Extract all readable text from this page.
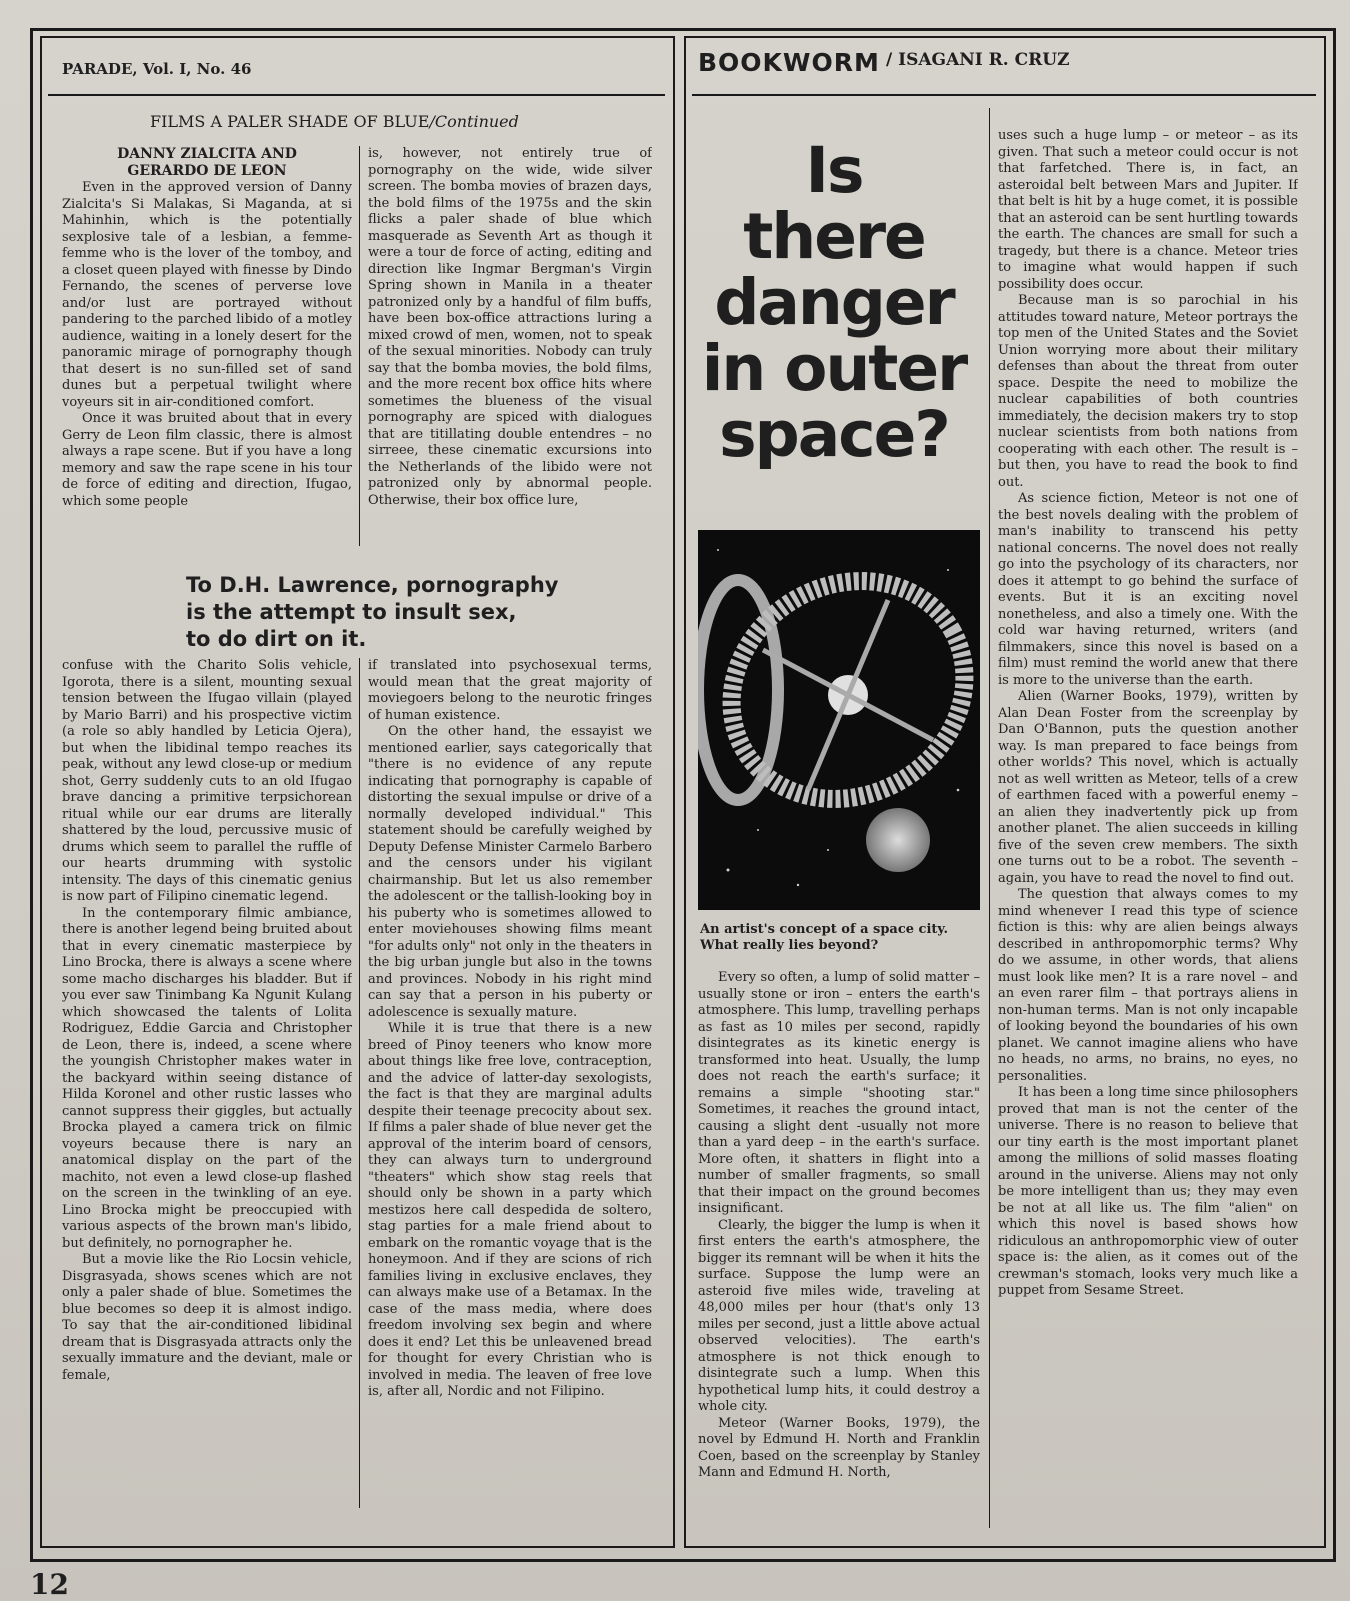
PARADE, Vol. I, No. 46
FILMS A PALER SHADE OF BLUE/Continued

DANNY ZIALCITA AND

GERARDO DE LEON

Even in the approved version of Danny Zialcita's Si Malakas, Si Maganda, at si Mahinhin, which is the potentially sexplosive tale of a lesbian, a femme-femme who is the lover of the tomboy, and a closet queen played with finesse by Dindo Fernando, the scenes of perverse love and/or lust are portrayed without pandering to the parched libido of a motley audience, waiting in a lonely desert for the panoramic mirage of pornography though that desert is no sun-filled set of sand dunes but a perpetual twilight where voyeurs sit in air-conditioned comfort.

Once it was bruited about that in every Gerry de Leon film classic, there is almost always a rape scene. But if you have a long memory and saw the rape scene in his tour de force of editing and direction, Ifugao, which some people

is, however, not entirely true of pornography on the wide, wide silver screen. The bomba movies of brazen days, the bold films of the 1975s and the skin flicks a paler shade of blue which masquerade as Seventh Art as though it were a tour de force of acting, editing and direction like Ingmar Bergman's Virgin Spring shown in Manila in a theater patronized only by a handful of film buffs, have been box-office attractions luring a mixed crowd of men, women, not to speak of the sexual minorities. Nobody can truly say that the bomba movies, the bold films, and the more recent box office hits where sometimes the blueness of the visual pornography are spiced with dialogues that are titillating double entendres – no sirreee, these cinematic excursions into the Netherlands of the libido were not patronized only by abnormal people. Otherwise, their box office lure,

To D.H. Lawrence, pornography
is the attempt to insult sex,
to do dirt on it.

confuse with the Charito Solis vehicle, Igorota, there is a silent, mounting sexual tension between the Ifugao villain (played by Mario Barri) and his prospective victim (a role so ably handled by Leticia Ojera), but when the libidinal tempo reaches its peak, without any lewd close-up or medium shot, Gerry suddenly cuts to an old Ifugao brave dancing a primitive terpsichorean ritual while our ear drums are literally shattered by the loud, percussive music of drums which seem to parallel the ruffle of our hearts drumming with systolic intensity. The days of this cinematic genius is now part of Filipino cinematic legend.

In the contemporary filmic ambiance, there is another legend being bruited about that in every cinematic masterpiece by Lino Brocka, there is always a scene where some macho discharges his bladder. But if you ever saw Tinimbang Ka Ngunit Kulang which showcased the talents of Lolita Rodriguez, Eddie Garcia and Christopher de Leon, there is, indeed, a scene where the youngish Christopher makes water in the backyard within seeing distance of Hilda Koronel and other rustic lasses who cannot suppress their giggles, but actually Brocka played a camera trick on filmic voyeurs because there is nary an anatomical display on the part of the machito, not even a lewd close-up flashed on the screen in the twinkling of an eye. Lino Brocka might be preoccupied with various aspects of the brown man's libido, but definitely, no pornographer he.

But a movie like the Rio Locsin vehicle, Disgrasyada, shows scenes which are not only a paler shade of blue. Sometimes the blue becomes so deep it is almost indigo. To say that the air-conditioned libidinal dream that is Disgrasyada attracts only the sexually immature and the deviant, male or female,

if translated into psychosexual terms, would mean that the great majority of moviegoers belong to the neurotic fringes of human existence.

On the other hand, the essayist we mentioned earlier, says categorically that "there is no evidence of any repute indicating that pornography is capable of distorting the sexual impulse or drive of a normally developed individual." This statement should be carefully weighed by Deputy Defense Minister Carmelo Barbero and the censors under his vigilant chairmanship. But let us also remember the adolescent or the tallish-looking boy in his puberty who is sometimes allowed to enter moviehouses showing films meant "for adults only" not only in the theaters in the big urban jungle but also in the towns and provinces. Nobody in his right mind can say that a person in his puberty or adolescence is sexually mature.

While it is true that there is a new breed of Pinoy teeners who know more about things like free love, contraception, and the advice of latter-day sexologists, the fact is that they are marginal adults despite their teenage precocity about sex. If films a paler shade of blue never get the approval of the interim board of censors, they can always turn to underground "theaters" which show stag reels that should only be shown in a party which mestizos here call despedida de soltero, stag parties for a male friend about to embark on the romantic voyage that is the honeymoon. And if they are scions of rich families living in exclusive enclaves, they can always make use of a Betamax. In the case of the mass media, where does freedom involving sex begin and where does it end? Let this be unleavened bread for thought for every Christian who is involved in media. The leaven of free love is, after all, Nordic and not Filipino.

BOOKWORM / ISAGANI R. CRUZ
Is
there
danger
in outer
space?
An artist's concept of a space city. What really lies beyond?

Every so often, a lump of solid matter – usually stone or iron – enters the earth's atmosphere. This lump, travelling perhaps as fast as 10 miles per second, rapidly disintegrates as its kinetic energy is transformed into heat. Usually, the lump does not reach the earth's surface; it remains a simple "shooting star." Sometimes, it reaches the ground intact, causing a slight dent -usually not more than a yard deep – in the earth's surface. More often, it shatters in flight into a number of smaller fragments, so small that their impact on the ground becomes insignificant.

Clearly, the bigger the lump is when it first enters the earth's atmosphere, the bigger its remnant will be when it hits the surface. Suppose the lump were an asteroid five miles wide, traveling at 48,000 miles per hour (that's only 13 miles per second, just a little above actual observed velocities). The earth's atmosphere is not thick enough to disintegrate such a lump. When this hypothetical lump hits, it could destroy a whole city.

Meteor (Warner Books, 1979), the novel by Edmund H. North and Franklin Coen, based on the screenplay by Stanley Mann and Edmund H. North,

uses such a huge lump – or meteor – as its given. That such a meteor could occur is not that farfetched. There is, in fact, an asteroidal belt between Mars and Jupiter. If that belt is hit by a huge comet, it is possible that an asteroid can be sent hurtling towards the earth. The chances are small for such a tragedy, but there is a chance. Meteor tries to imagine what would happen if such possibility does occur.

Because man is so parochial in his attitudes toward nature, Meteor portrays the top men of the United States and the Soviet Union worrying more about their military defenses than about the threat from outer space. Despite the need to mobilize the nuclear capabilities of both countries immediately, the decision makers try to stop nuclear scientists from both nations from cooperating with each other. The result is – but then, you have to read the book to find out.

As science fiction, Meteor is not one of the best novels dealing with the problem of man's inability to transcend his petty national concerns. The novel does not really go into the psychology of its characters, nor does it attempt to go behind the surface of events. But it is an exciting novel nonetheless, and also a timely one. With the cold war having returned, writers (and filmmakers, since this novel is based on a film) must remind the world anew that there is more to the universe than the earth.

Alien (Warner Books, 1979), written by Alan Dean Foster from the screenplay by Dan O'Bannon, puts the question another way. Is man prepared to face beings from other worlds? This novel, which is actually not as well written as Meteor, tells of a crew of earthmen faced with a powerful enemy – an alien they inadvertently pick up from another planet. The alien succeeds in killing five of the seven crew members. The sixth one turns out to be a robot. The seventh – again, you have to read the novel to find out.

The question that always comes to my mind whenever I read this type of science fiction is this: why are alien beings always described in anthropomorphic terms? Why do we assume, in other words, that aliens must look like men? It is a rare novel – and an even rarer film – that portrays aliens in non-human terms. Man is not only incapable of looking beyond the boundaries of his own planet. We cannot imagine aliens who have no heads, no arms, no brains, no eyes, no personalities.

It has been a long time since philosophers proved that man is not the center of the universe. There is no reason to believe that our tiny earth is the most important planet among the millions of solid masses floating around in the universe. Aliens may not only be more intelligent than us; they may even be not at all like us. The film "alien" on which this novel is based shows how ridiculous an anthropomorphic view of outer space is: the alien, as it comes out of the crewman's stomach, looks very much like a puppet from Sesame Street.

12
